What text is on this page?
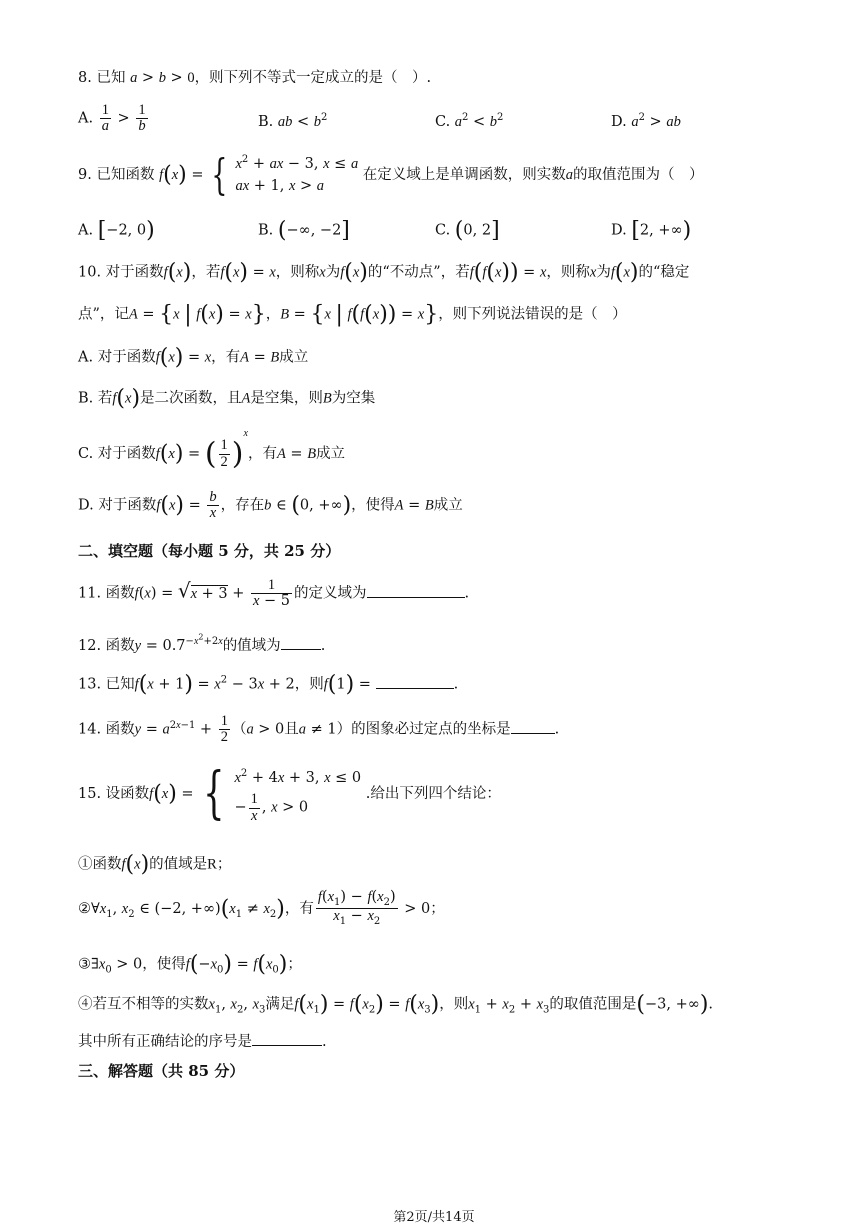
8. 已知 a > b > 0，则下列不等式一定成立的是（　）.
A. $\frac{1}{a} > \frac{1}{b}$	B. ab < $b^2$	C. $a^2 < b^2$	D. $a^2$ > ab
9. 已知函数 f(x) = { $x^2$ + ax − 3, x ≤ a
ax + 1, x > a
在定义域上是单调函数，则实数a的取值范围为（　）
A. [−2, 0)	B. (−∞, −2]	C. (0, 2]	D. [2, +∞)
10. 对于函数f(x)，若f(x) = x，则称x为f(x)的“不动点”，若f(f(x)) = x，则称x为f(x)的“稳定
点”，记A = {x | f(x) = x}，B = {x | f(f(x)) = x}，则下列说法错误的是（　）
A. 对于函数f(x) = x，有A = B成立
B. 若f(x)是二次函数，且A是空集，则B为空集
C. 对于函数f(x) = ( $\frac{1}{2} )^x$，有A = B成立
D. 对于函数$f(x) = \frac{b}{x}$ ，存在b ∈ (0, +∞)，使得A = B成立
二、填空题（每小题 5 分，共 25 分）
11. 函数$f(x) = √x + 3 + \frac{1}{x - 5}$ 的定义域为	.
12. 函数$y = 0.7^{-x^2+2x}$的值域为	.
13. 已知$f(x + 1) = x^2 - 3x + 2$，则f(1) =	.
14. 函数$y = a^{2x-1} + \frac{1}{2} (a > 0$且a ≠ 1）的图象必过定点的坐标是	.
15. 设函数f(x) = { $x^2 + 4x + 3$, x ≤ 0
− $\frac{1}{x}$ , x > 0
.给出下列四个结论：
①函数f(x)的值域是R；
$②\forall x_1$, $x_2$ ∈ (−2, $+\infty)(x_1 \ne x_2)$，有 $\frac{f(x_1) - f(x_2)}{x_1 - x_2} > 0$；
$③\exists x_0 > 0$，使得$f(-x_0) = f(x_0)$；
④若互不相等的实数$x_1$, $x_2$, $x_3$满足$f(x_1) = f(x_2) = f(x_3)$，则$x_1 + x_2 + x_3$的取值范围是(−3, +∞).
其中所有正确结论的序号是	.
三、解答题（共 85 分）
第2页/共14页
